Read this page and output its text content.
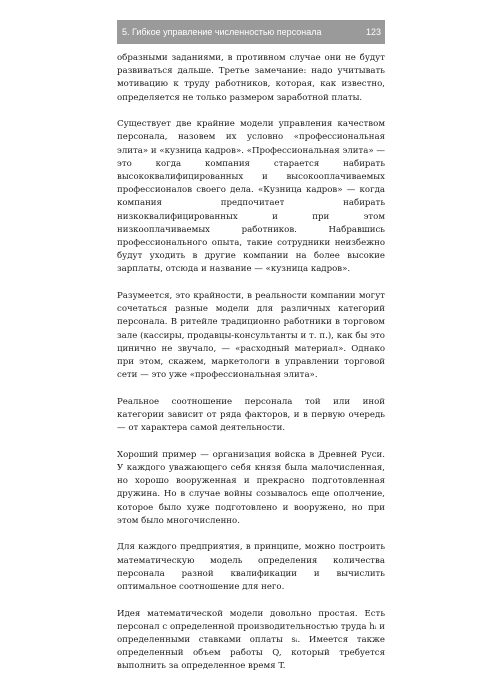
5. Гибкое управление численностью персонала	123

образными заданиями, в противном случае они не будут развиваться дальше. Третье замечание: надо учитывать мотивацию к труду работников, которая, как известно, определяется не только размером заработной платы.

Существует две крайние модели управления качеством персонала, назовем их условно «профессиональная элита» и «кузница кадров». «Профессиональная элита» — это когда компания старается набирать высококвалифицированных и высокооплачиваемых профессионалов своего дела. «Кузница кадров» — когда компания предпочитает набирать низкоквалифицированных и при этом низкооплачиваемых работников. Набравшись профессионального опыта, такие сотрудники неизбежно будут уходить в другие компании на более высокие зарплаты, отсюда и название — «кузница кадров».

Разумеется, это крайности, в реальности компании могут сочетаться разные модели для различных категорий персонала. В ритейле традиционно работники в торговом зале (кассиры, продавцы-консультанты и т. п.), как бы это цинично не звучало, — «расходный материал». Однако при этом, скажем, маркетологи в управлении торговой сети — это уже «профессиональная элита».

Реальное соотношение персонала той или иной категории зависит от ряда факторов, и в первую очередь — от характера самой деятельности.

Хороший пример — организация войска в Древней Руси. У каждого уважающего себя князя была малочисленная, но хорошо вооруженная и прекрасно подготовленная дружина. Но в случае войны созывалось еще ополчение, которое было хуже подготовлено и вооружено, но при этом было многочисленно.

Для каждого предприятия, в принципе, можно построить математическую модель определения количества персонала разной квалификации и вычислить оптимальное соотношение для него.

Идея математической модели довольно простая. Есть персонал с определенной производительностью труда hᵢ и определенными ставками оплаты sᵢ. Имеется также определенный объем работы Q, который требуется выполнить за определенное время T.
